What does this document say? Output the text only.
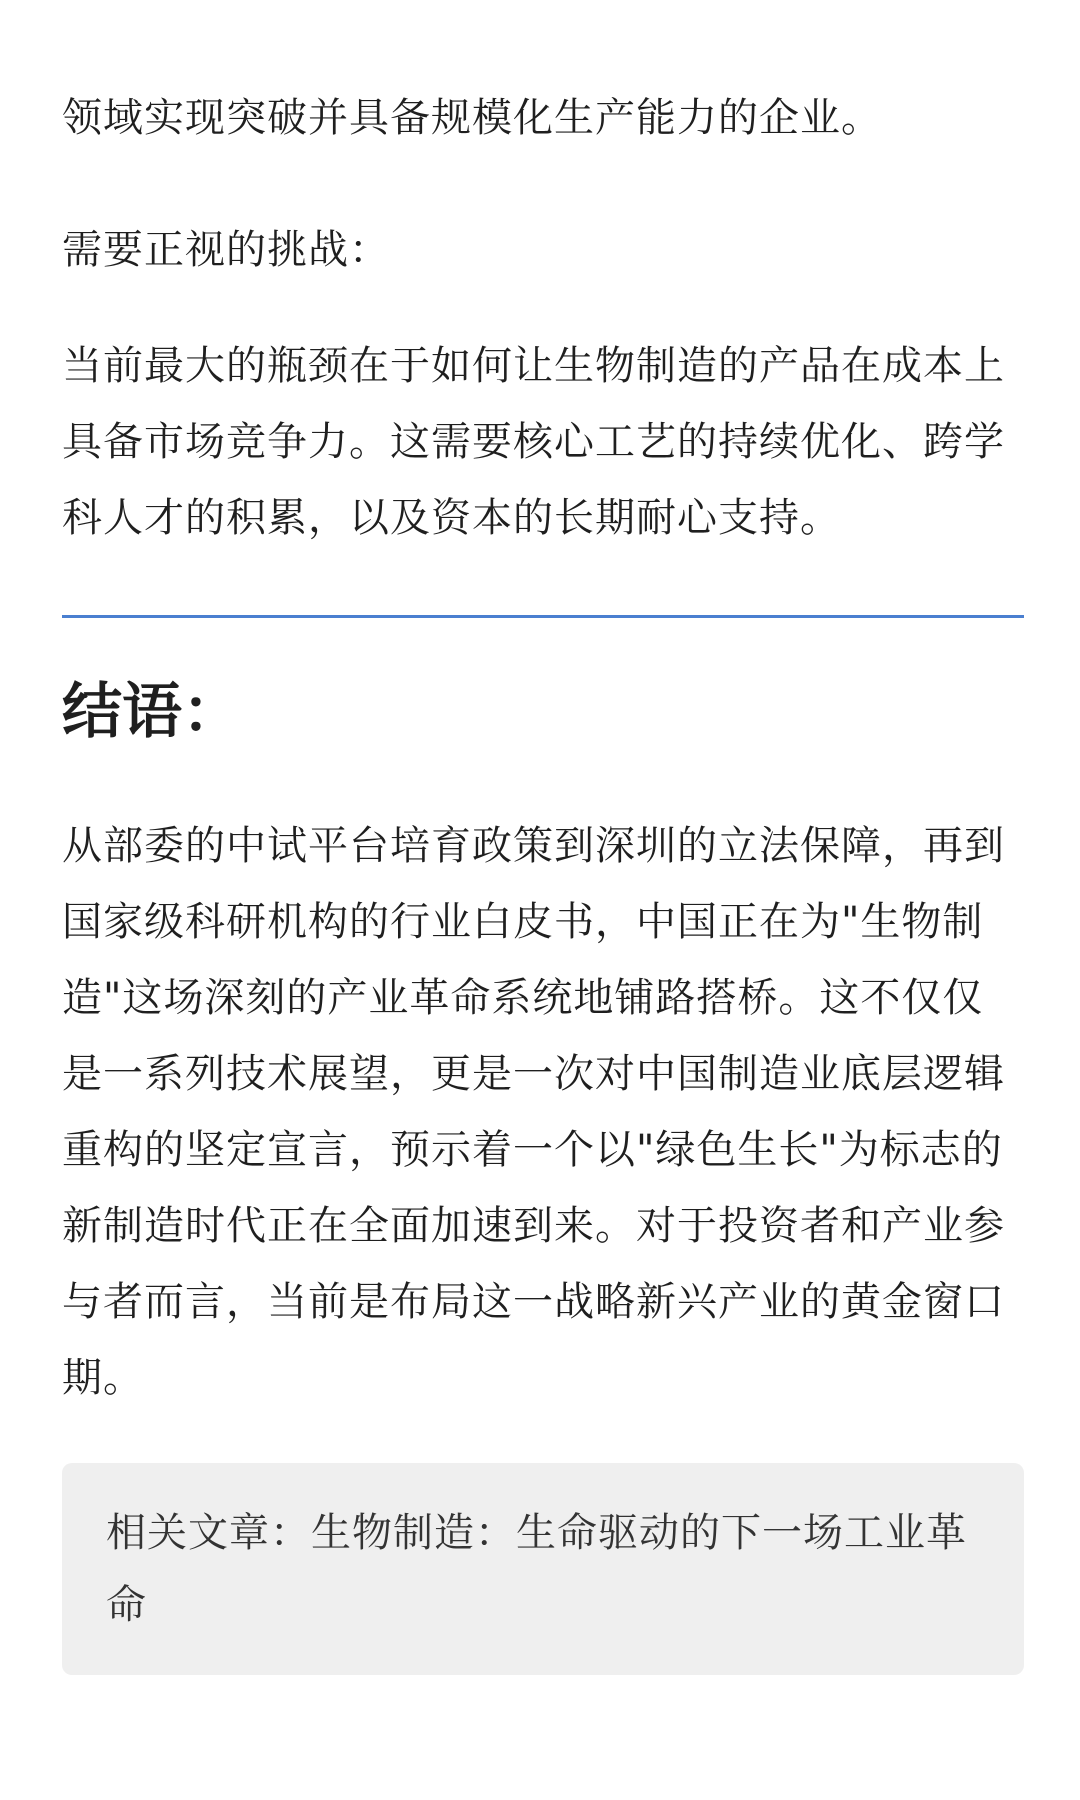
领域实现突破并具备规模化生产能力的企业。

需要正视的挑战：

当前最大的瓶颈在于如何让生物制造的产品在成本上具备市场竞争力。这需要核心工艺的持续优化、跨学科人才的积累，以及资本的长期耐心支持。

结语：

从部委的中试平台培育政策到深圳的立法保障，再到国家级科研机构的行业白皮书，中国正在为"生物制造"这场深刻的产业革命系统地铺路搭桥。这不仅仅是一系列技术展望，更是一次对中国制造业底层逻辑重构的坚定宣言，预示着一个以"绿色生长"为标志的新制造时代正在全面加速到来。对于投资者和产业参与者而言，当前是布局这一战略新兴产业的黄金窗口期。

相关文章：生物制造：生命驱动的下一场工业革命
